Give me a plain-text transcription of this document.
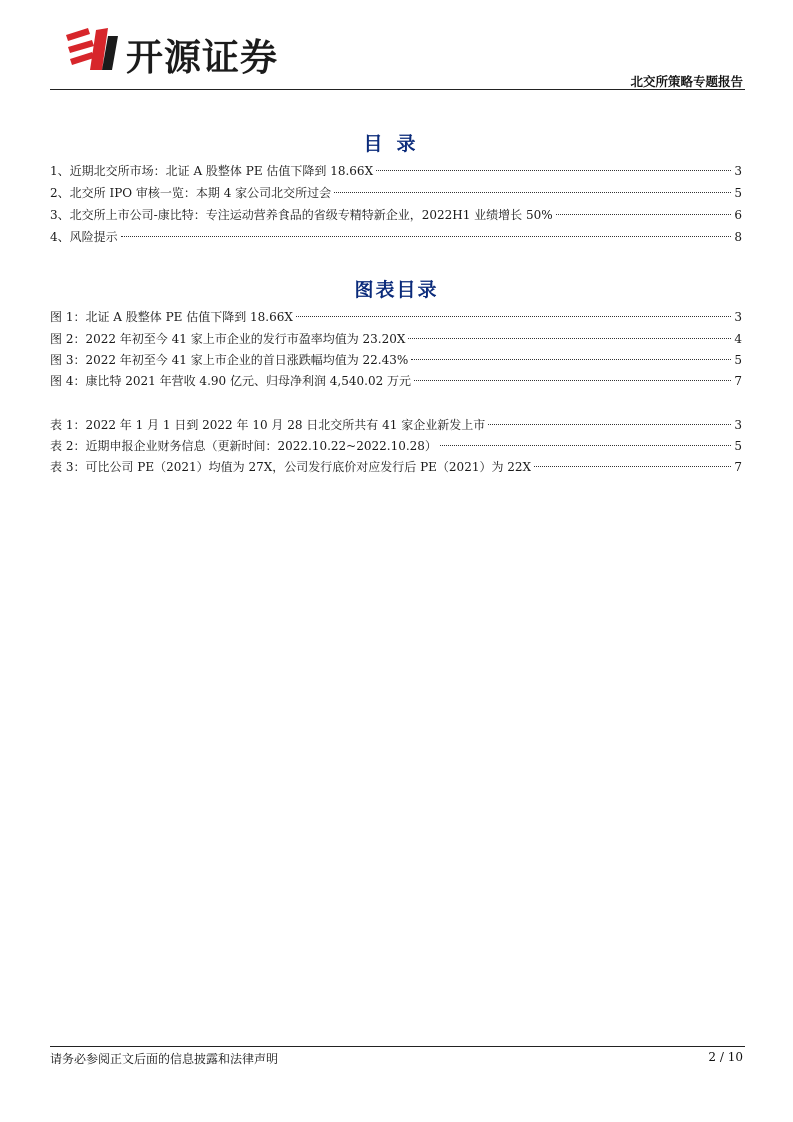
开源证券
北交所策略专题报告
目录
1、 近期北交所市场：北证 A 股整体 PE 估值下降到 18.66X	3
2、 北交所 IPO 审核一览：本期 4 家公司北交所过会	5
3、 北交所上市公司-康比特：专注运动营养食品的省级专精特新企业，2022H1 业绩增长 50%	6
4、 风险提示	8
图表目录
图 1： 北证 A 股整体 PE 估值下降到 18.66X	3
图 2： 2022 年初至今 41 家上市企业的发行市盈率均值为 23.20X	4
图 3： 2022 年初至今 41 家上市企业的首日涨跌幅均值为 22.43%	5
图 4： 康比特 2021 年营收 4.90 亿元、归母净利润 4,540.02 万元	7
表 1： 2022 年 1 月 1 日到 2022 年 10 月 28 日北交所共有 41 家企业新发上市	3
表 2： 近期申报企业财务信息（更新时间：2022.10.22~2022.10.28）	5
表 3： 可比公司 PE（2021）均值为 27X，公司发行底价对应发行后 PE（2021）为 22X	7
请务必参阅正文后面的信息披露和法律声明	2 / 10
